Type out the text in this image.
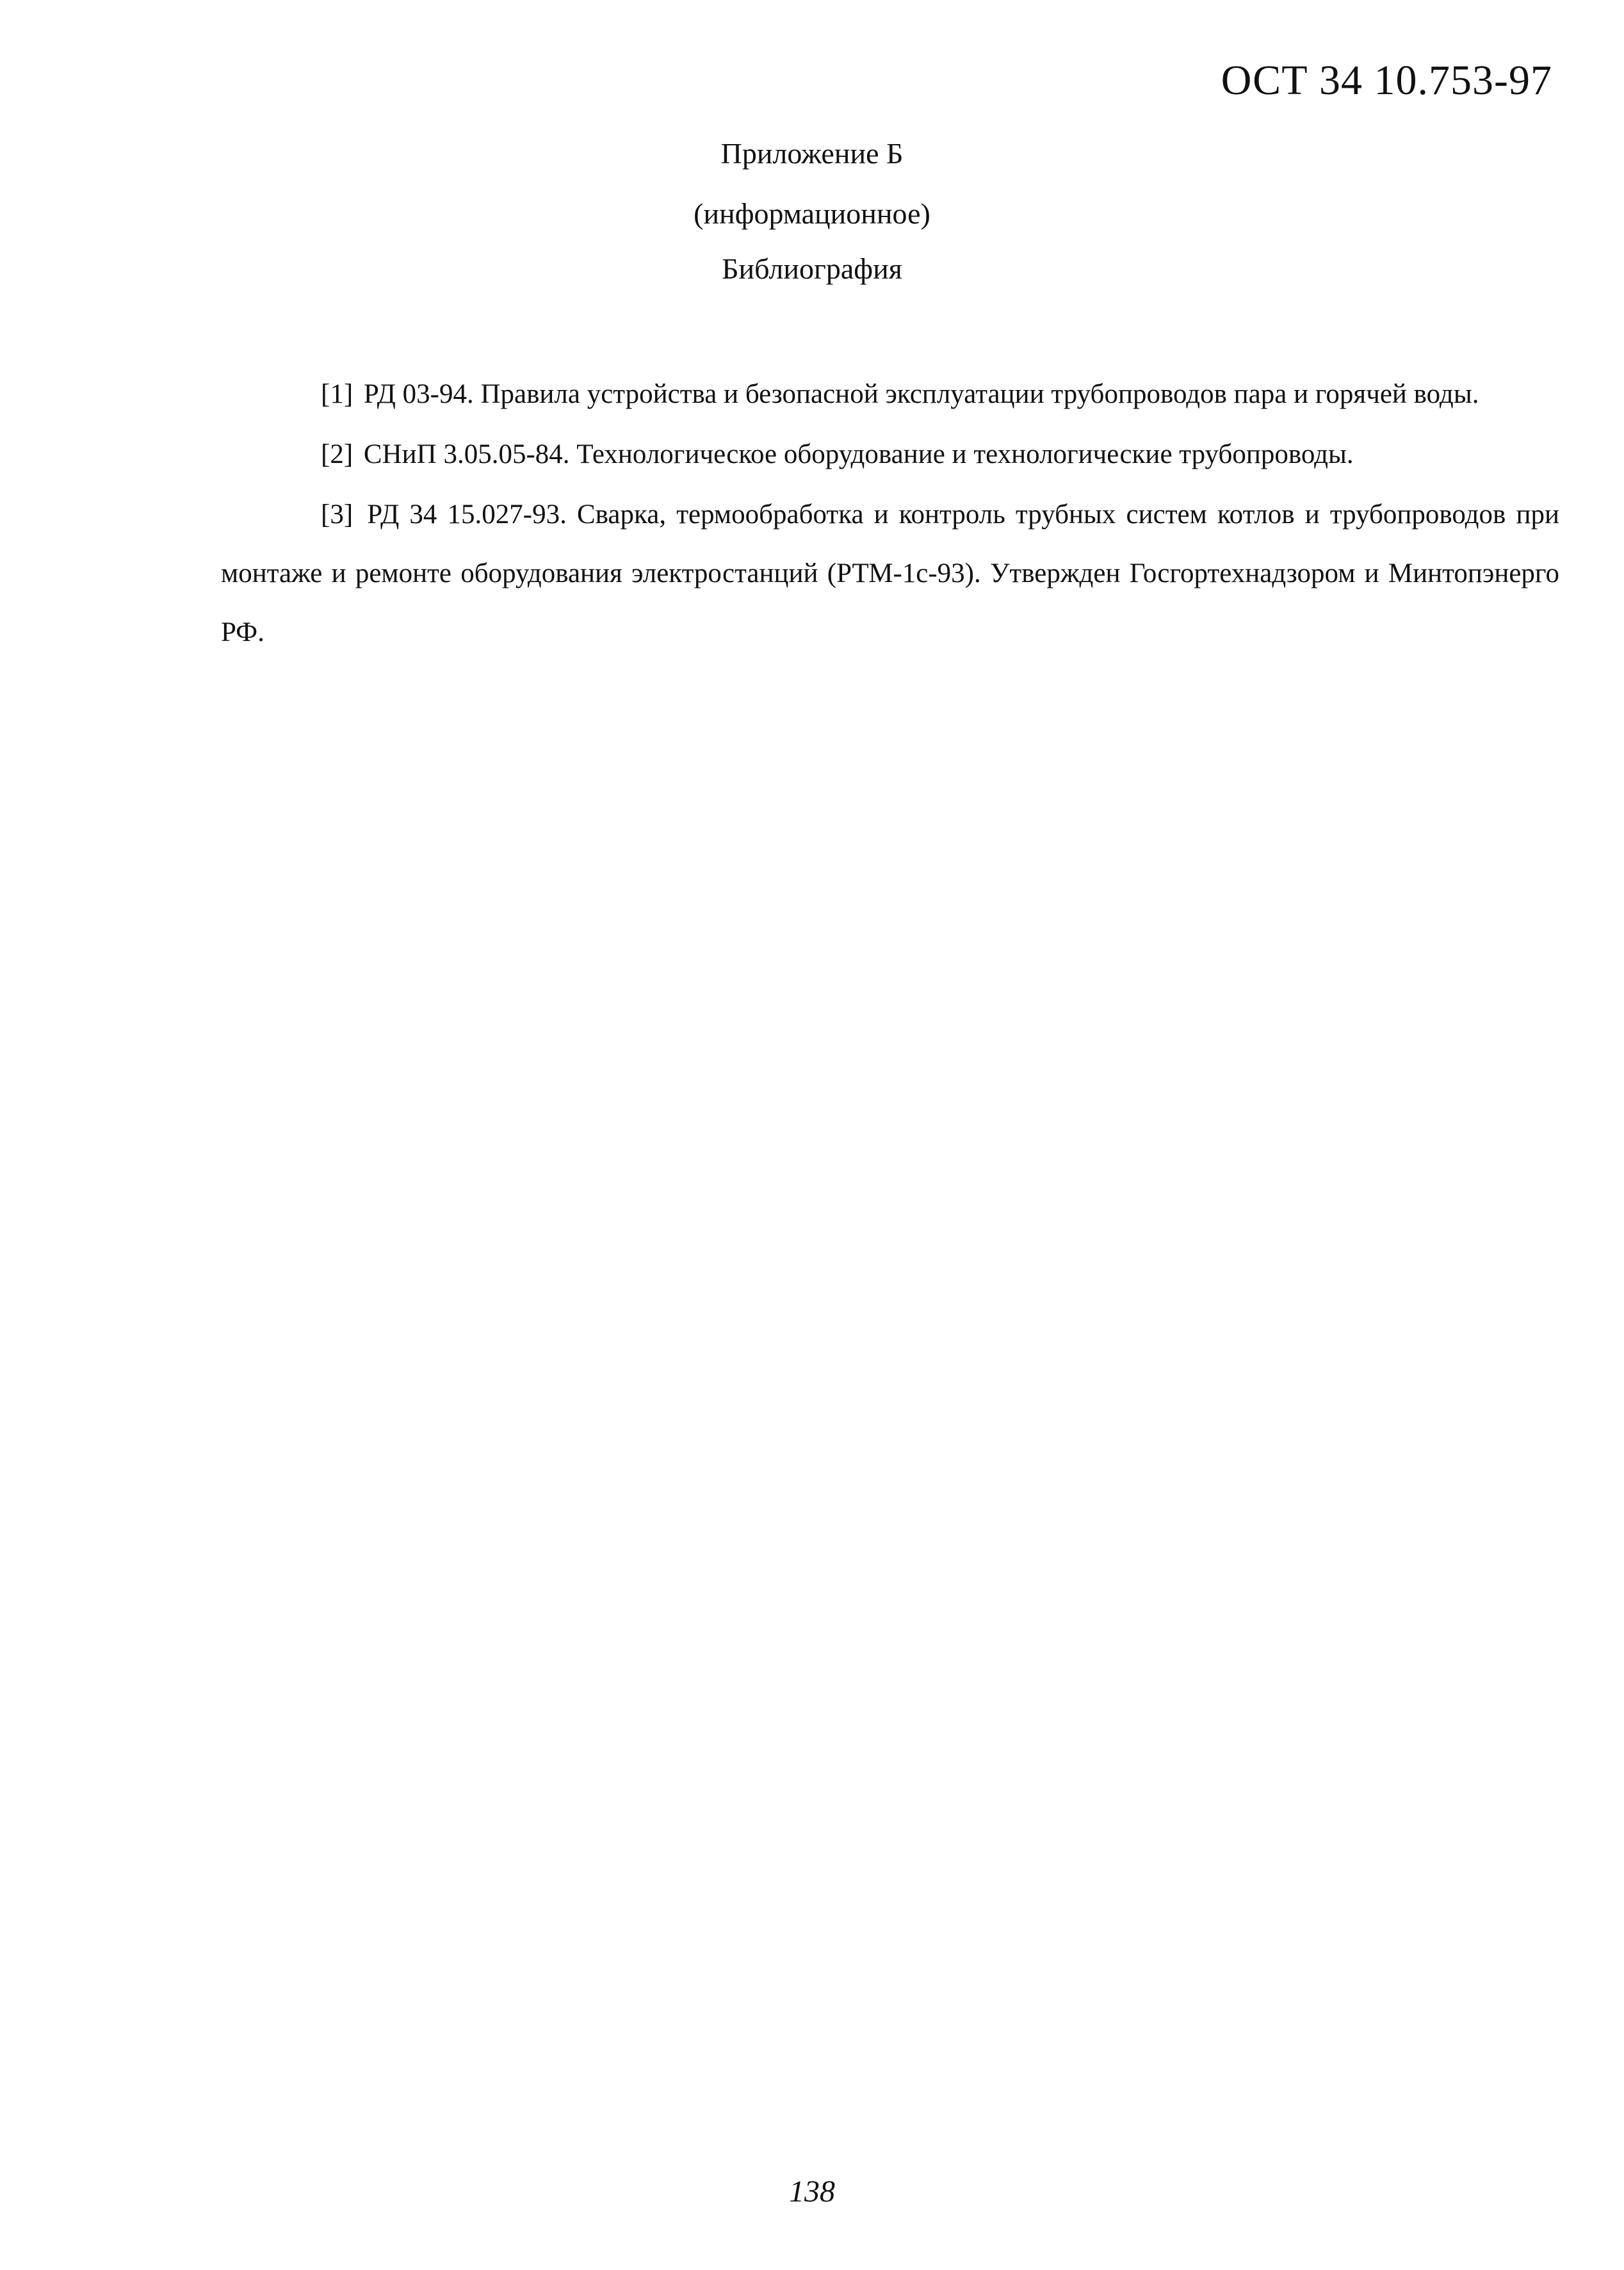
ОСТ 34 10.753-97

Приложение Б

(информационное)

Библиография

[1] РД 03-94. Правила устройства и безопасной эксплуатации трубопроводов пара и горячей воды.

[2] СНиП 3.05.05-84. Технологическое оборудование и технологические трубопроводы.

[3] РД 34 15.027-93. Сварка, термообработка и контроль трубных систем котлов и трубопроводов при монтаже и ремонте оборудования электростанций (РТМ-1с-93). Утвержден Госгортехнадзором и Минтопэнерго РФ.

138
